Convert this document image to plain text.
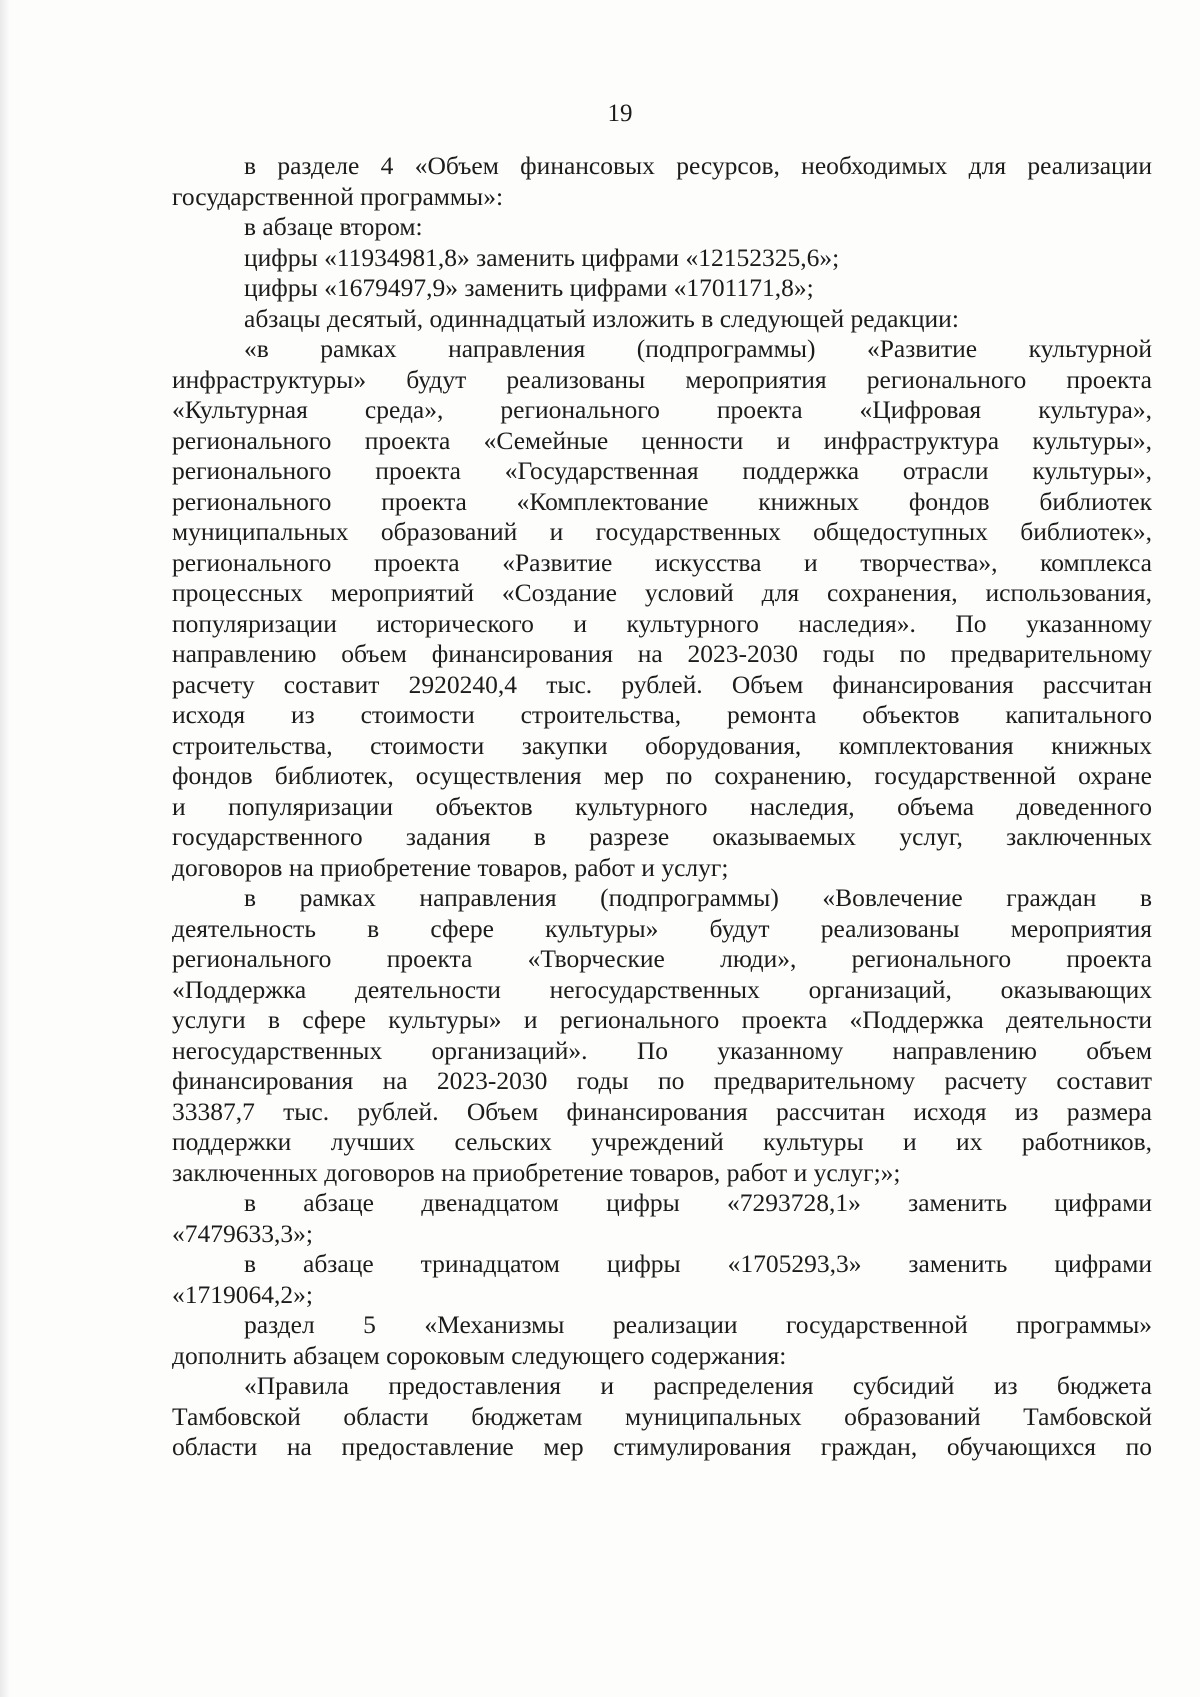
19
в разделе 4 «Объем финансовых ресурсов, необходимых для реализации
государственной программы»:
в абзаце втором:
цифры «11934981,8» заменить цифрами «12152325,6»;
цифры «1679497,9» заменить цифрами «1701171,8»;
абзацы десятый, одиннадцатый изложить в следующей редакции:
«в рамках направления (подпрограммы) «Развитие культурной
инфраструктуры» будут реализованы мероприятия регионального проекта
«Культурная среда», регионального проекта «Цифровая культура»,
регионального проекта «Семейные ценности и инфраструктура культуры»,
регионального проекта «Государственная поддержка отрасли культуры»,
регионального проекта «Комплектование книжных фондов библиотек
муниципальных образований и государственных общедоступных библиотек»,
регионального проекта «Развитие искусства и творчества», комплекса
процессных мероприятий «Создание условий для сохранения, использования,
популяризации исторического и культурного наследия». По указанному
направлению объем финансирования на 2023-2030 годы по предварительному
расчету составит 2920240,4 тыс. рублей. Объем финансирования рассчитан
исходя из стоимости строительства, ремонта объектов капитального
строительства, стоимости закупки оборудования, комплектования книжных
фондов библиотек, осуществления мер по сохранению, государственной охране
и популяризации объектов культурного наследия, объема доведенного
государственного задания в разрезе оказываемых услуг, заключенных
договоров на приобретение товаров, работ и услуг;
в рамках направления (подпрограммы) «Вовлечение граждан в
деятельность в сфере культуры» будут реализованы мероприятия
регионального проекта «Творческие люди», регионального проекта
«Поддержка деятельности негосударственных организаций, оказывающих
услуги в сфере культуры» и регионального проекта «Поддержка деятельности
негосударственных организаций». По указанному направлению объем
финансирования на 2023-2030 годы по предварительному расчету составит
33387,7 тыс. рублей. Объем финансирования рассчитан исходя из размера
поддержки лучших сельских учреждений культуры и их работников,
заключенных договоров на приобретение товаров, работ и услуг;»;
в абзаце двенадцатом цифры «7293728,1» заменить цифрами
«7479633,3»;
в абзаце тринадцатом цифры «1705293,3» заменить цифрами
«1719064,2»;
раздел 5 «Механизмы реализации государственной программы»
дополнить абзацем сороковым следующего содержания:
«Правила предоставления и распределения субсидий из бюджета
Тамбовской области бюджетам муниципальных образований Тамбовской
области на предоставление мер стимулирования граждан, обучающихся по
